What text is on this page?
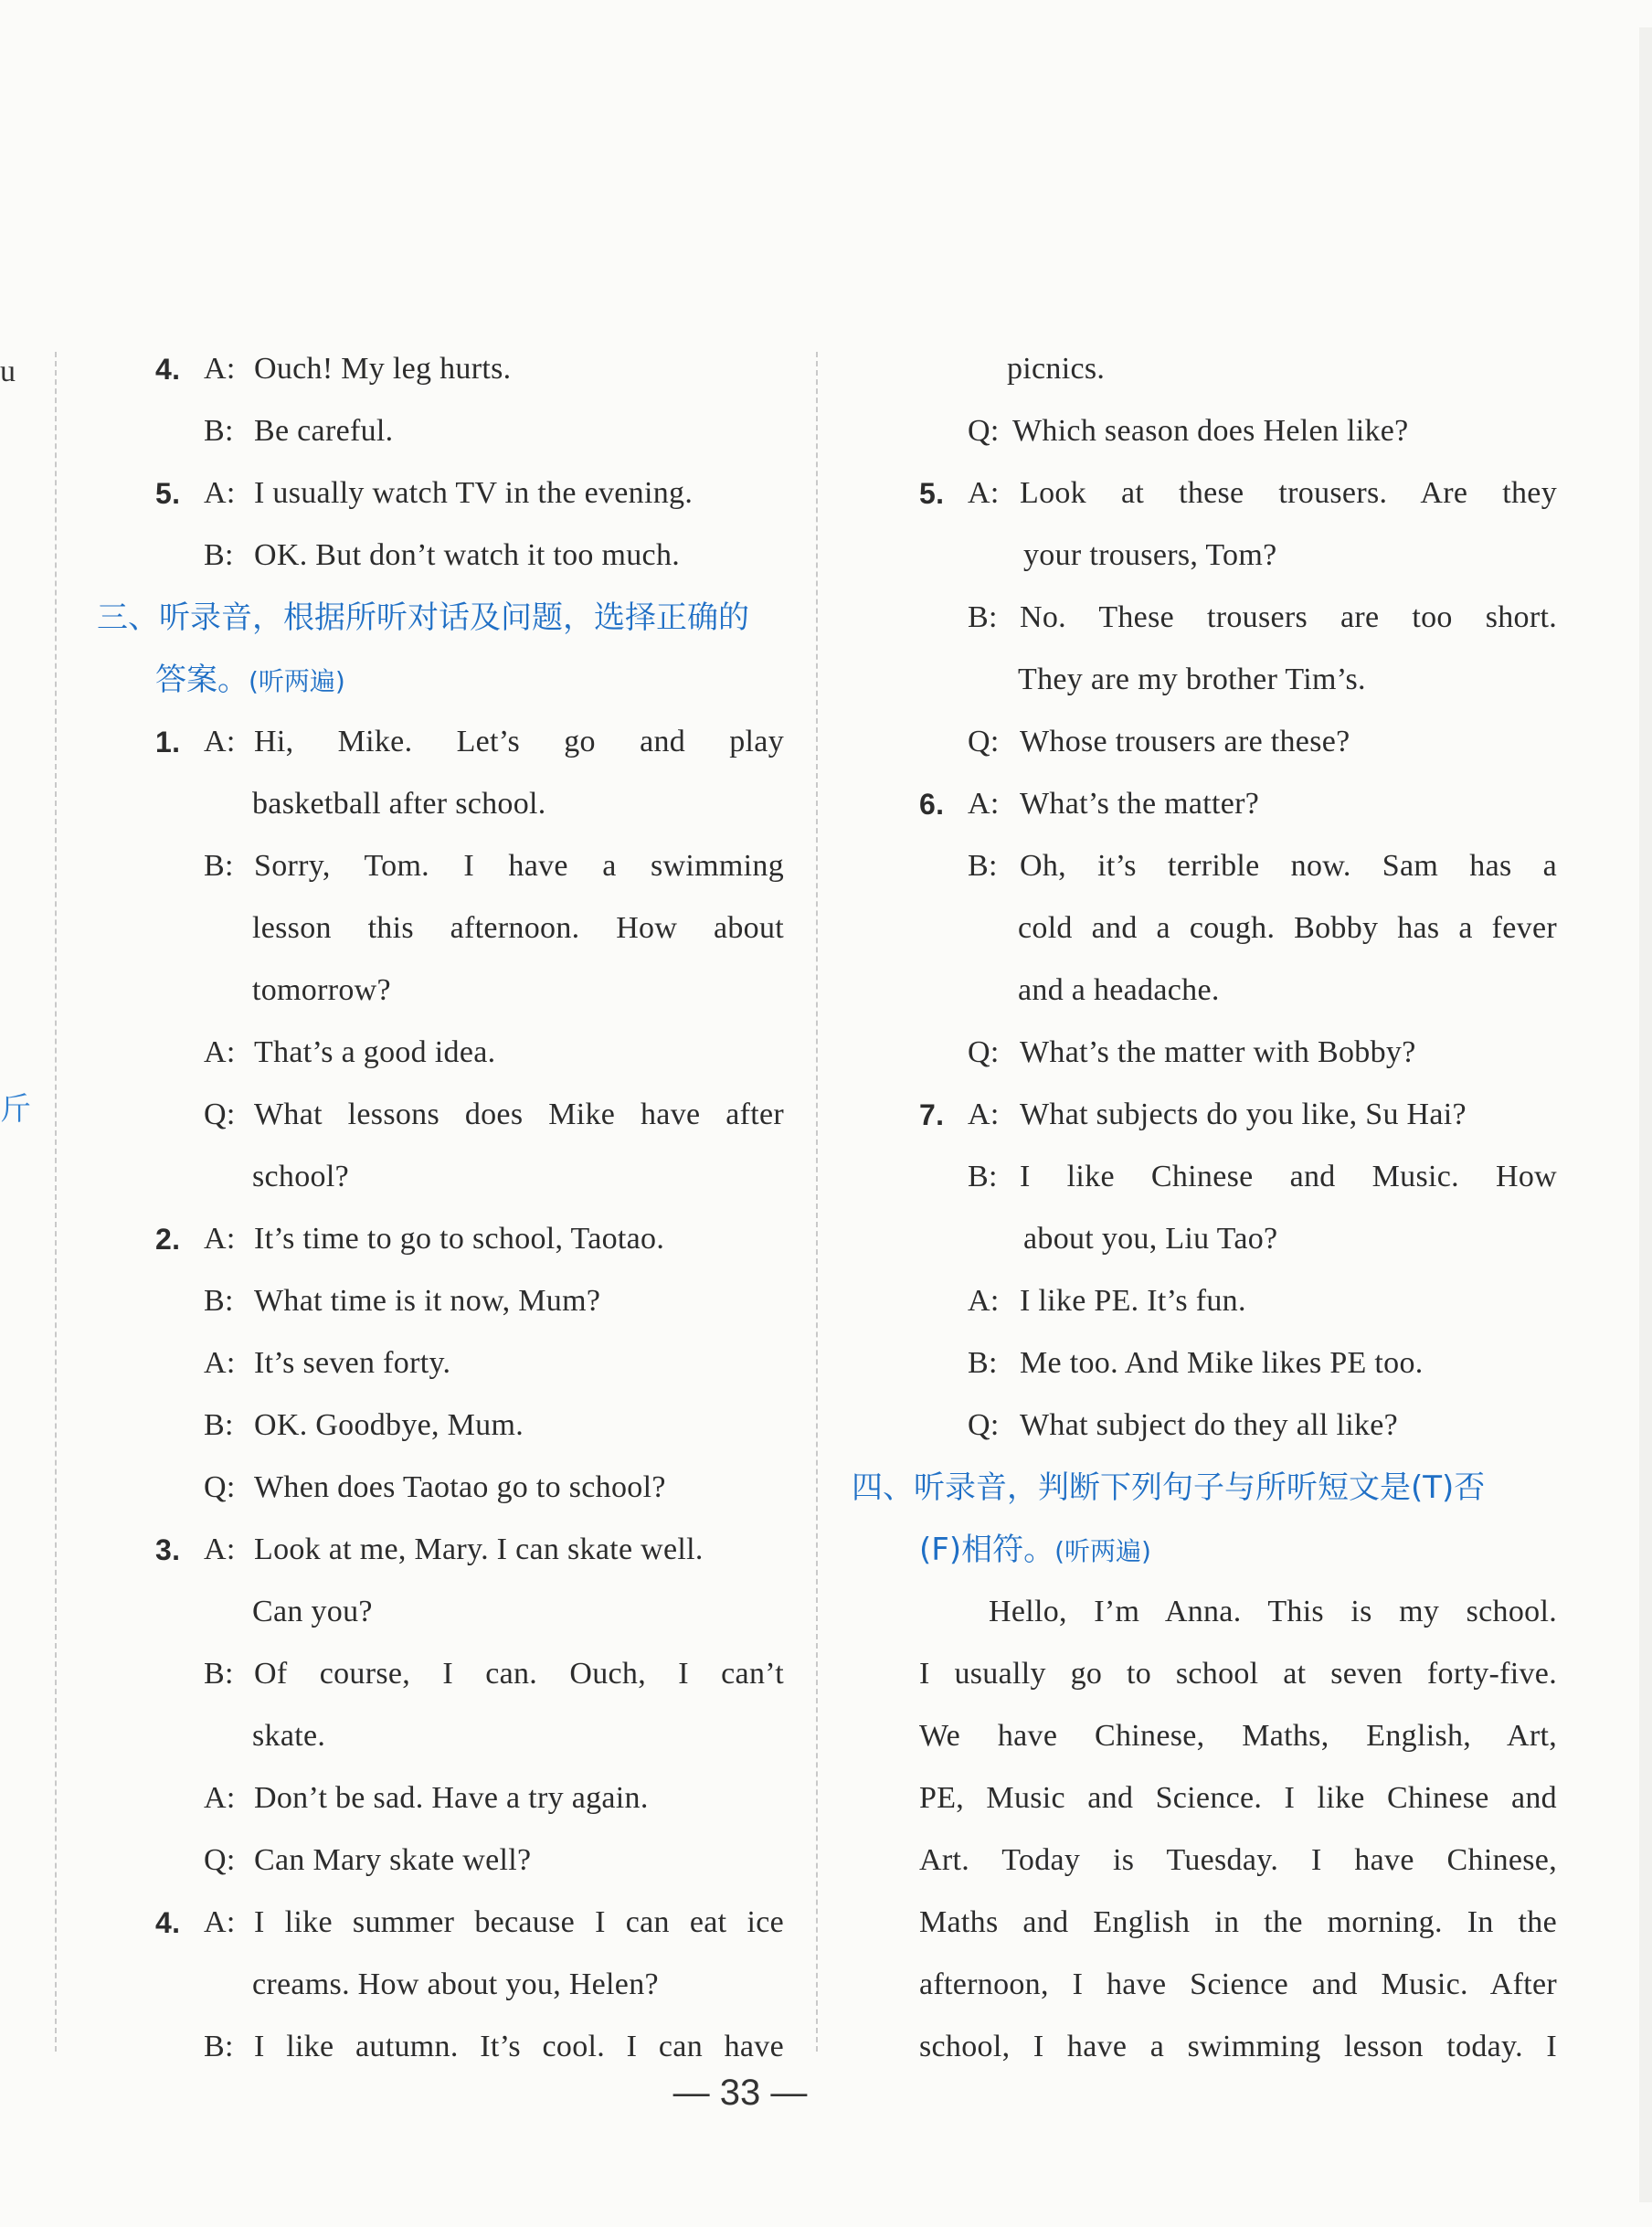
u
斤
4. A: Ouch! My leg hurts.
B: Be careful.
5. A: I usually watch TV in the evening.
B: OK. But don’t watch it too much.
三、听录音，根据所听对话及问题，选择正确的
答案。(听两遍)
1. A: Hi, Mike. Let’s go and play
basketball after school.
B: Sorry, Tom. I have a swimming
lesson this afternoon. How about
tomorrow?
A: That’s a good idea.
Q: What lessons does Mike have after
school?
2. A: It’s time to go to school, Taotao.
B: What time is it now, Mum?
A: It’s seven forty.
B: OK. Goodbye, Mum.
Q: When does Taotao go to school?
3. A: Look at me, Mary. I can skate well.
Can you?
B: Of course, I can. Ouch, I can’t
skate.
A: Don’t be sad. Have a try again.
Q: Can Mary skate well?
4. A: I like summer because I can eat ice
creams. How about you, Helen?
B: I like autumn. It’s cool. I can have
picnics.
Q: Which season does Helen like?
5. A: Look at these trousers. Are they
your trousers, Tom?
B: No. These trousers are too short.
They are my brother Tim’s.
Q: Whose trousers are these?
6. A: What’s the matter?
B: Oh, it’s terrible now. Sam has a
cold and a cough. Bobby has a fever
and a headache.
Q: What’s the matter with Bobby?
7. A: What subjects do you like, Su Hai?
B: I like Chinese and Music. How
about you, Liu Tao?
A: I like PE. It’s fun.
B: Me too. And Mike likes PE too.
Q: What subject do they all like?
四、听录音，判断下列句子与所听短文是(T)否
(F)相符。(听两遍)
Hello, I’m Anna. This is my school.
I usually go to school at seven forty-five.
We have Chinese, Maths, English, Art,
PE, Music and Science. I like Chinese and
Art. Today is Tuesday. I have Chinese,
Maths and English in the morning. In the
afternoon, I have Science and Music. After
school, I have a swimming lesson today. I
— 33 —
